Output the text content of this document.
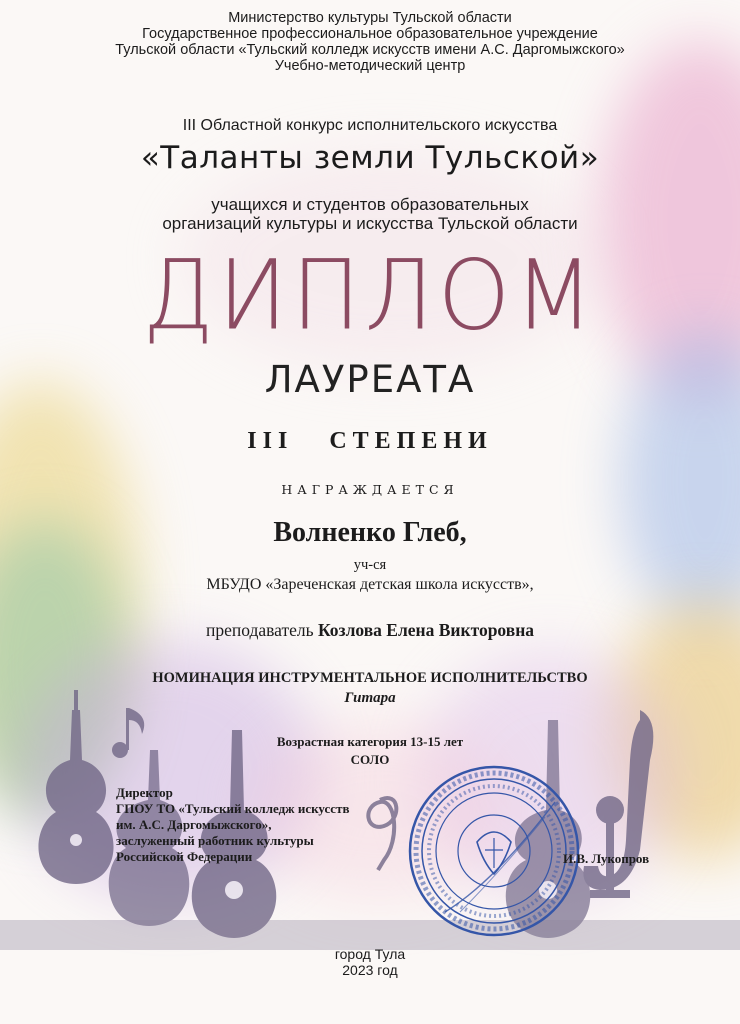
Министерство культуры Тульской области
Государственное профессиональное образовательное учреждение
Тульской области «Тульский колледж искусств имени А.С. Даргомыжского»
Учебно-методический центр
III Областной конкурс исполнительского искусства
«Таланты земли Тульской»
учащихся и студентов образовательных
организаций культуры и искусства Тульской области
ДИПЛОМ
ЛАУРЕАТА
III   СТЕПЕНИ
НАГРАЖДАЕТСЯ
Волненко Глеб,
уч-ся
МБУДО «Зареченская детская школа искусств»,
преподаватель Козлова Елена Викторовна
НОМИНАЦИЯ ИНСТРУМЕНТАЛЬНОЕ ИСПОЛНИТЕЛЬСТВО
Гитара
Возрастная категория 13-15 лет
СОЛО
Директор
ГПОУ ТО «Тульский колледж искусств
им. А.С. Даргомыжского»,
заслуженный работник культуры
Российской Федерации	И.В. Лукопров
город Тула
2023 год
